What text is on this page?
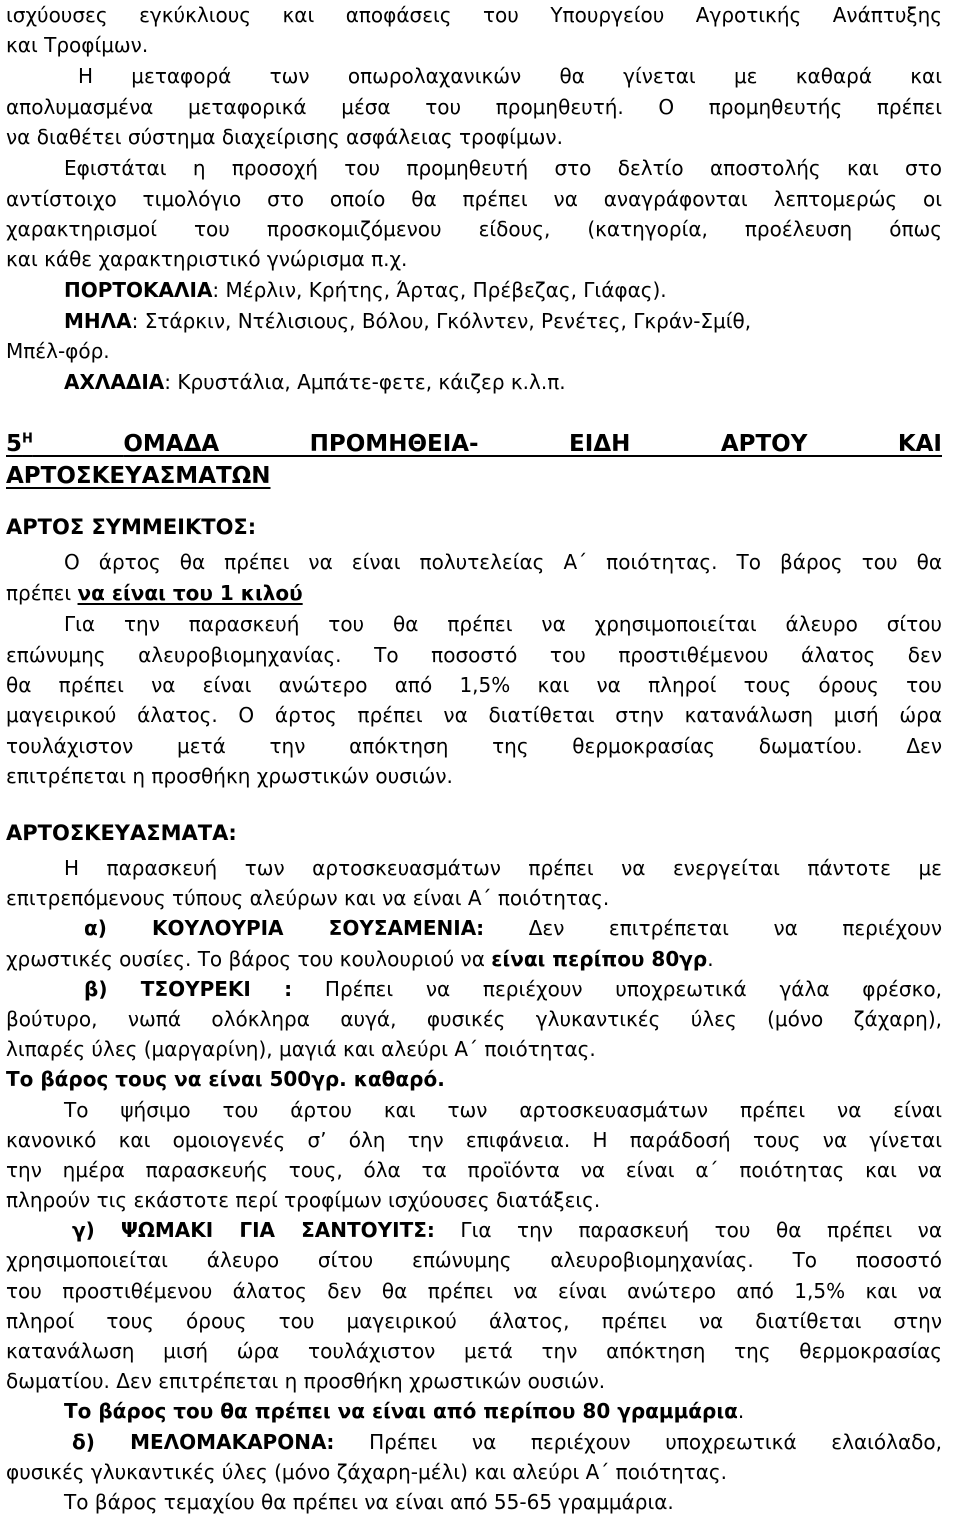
ισχύουσες εγκύκλιους και αποφάσεις του Υπουργείου Αγροτικής Ανάπτυξης
και Τροφίμων.
Η μεταφορά των οπωρολαχανικών θα γίνεται με καθαρά και
απολυμασμένα μεταφορικά μέσα του προμηθευτή. Ο προμηθευτής πρέπει
να διαθέτει σύστημα διαχείρισης ασφάλειας τροφίμων.
Εφιστάται η προσοχή του προμηθευτή στο δελτίο αποστολής και στο
αντίστοιχο τιμολόγιο στο οποίο θα πρέπει να αναγράφονται λεπτομερώς οι
χαρακτηρισμοί του προσκομιζόμενου είδους, (κατηγορία, προέλευση όπως
και κάθε χαρακτηριστικό γνώρισμα π.χ.
ΠΟΡΤΟΚΑΛΙΑ: Μέρλιν, Κρήτης, Άρτας, Πρέβεζας, Γιάφας).
ΜΗΛΑ: Στάρκιν, Ντέλισιους, Βόλου, Γκόλντεν, Ρενέτες, Γκράν-Σμίθ,
Μπέλ-φόρ.
ΑΧΛΑΔΙΑ: Κρυστάλια, Αμπάτε-φετε, κάιζερ κ.λ.π.
$5^H$	ΟΜΑΔΑ ΠΡΟΜΗΘΕΙΑ- ΕΙΔΗ ΑΡΤΟΥ ΚΑΙ
ΑΡΤΟΣΚΕΥΑΣΜΑΤΩΝ
ΑΡΤΟΣ ΣΥΜΜΕΙΚΤΟΣ:
Ο άρτος θα πρέπει να είναι πολυτελείας Α΄ ποιότητας. Το βάρος του θα
πρέπει να είναι του 1 κιλού
Για την παρασκευή του θα πρέπει να χρησιμοποιείται άλευρο σίτου
επώνυμης αλευροβιομηχανίας. Το ποσοστό του προστιθέμενου άλατος δεν
θα πρέπει να είναι ανώτερο από 1,5% και να πληροί τους όρους του
μαγειρικού άλατος. Ο άρτος πρέπει να διατίθεται στην κατανάλωση μισή ώρα
τουλάχιστον μετά την απόκτηση της θερμοκρασίας δωματίου. Δεν
επιτρέπεται η προσθήκη χρωστικών ουσιών.
ΑΡΤΟΣΚΕΥΑΣΜΑΤΑ:
Η παρασκευή των αρτοσκευασμάτων πρέπει να ενεργείται πάντοτε με
επιτρεπόμενους τύπους αλεύρων και να είναι Α΄ ποιότητας.
α) ΚΟΥΛΟΥΡΙΑ ΣΟΥΣΑΜΕΝΙΑ: Δεν επιτρέπεται να περιέχουν
χρωστικές ουσίες. Το βάρος του κουλουριού να είναι περίπου 80γρ.
β) ΤΣΟΥΡΕΚΙ : Πρέπει να περιέχουν υποχρεωτικά γάλα φρέσκο,
βούτυρο, νωπά ολόκληρα αυγά, φυσικές γλυκαντικές ύλες (μόνο ζάχαρη),
λιπαρές ύλες (μαργαρίνη), μαγιά και αλεύρι Α΄ ποιότητας.
Το βάρος τους να είναι 500γρ. καθαρό.
Το ψήσιμο του άρτου και των αρτοσκευασμάτων πρέπει να είναι
κανονικό και ομοιογενές σ’ όλη την επιφάνεια. Η παράδοσή τους να γίνεται
την ημέρα παρασκευής τους, όλα τα προϊόντα να είναι α΄ ποιότητας και να
πληρούν τις εκάστοτε περί τροφίμων ισχύουσες διατάξεις.
γ) ΨΩΜΑΚΙ ΓΙΑ ΣΑΝΤΟΥΙΤΣ: Για την παρασκευή του θα πρέπει να
χρησιμοποιείται άλευρο σίτου επώνυμης αλευροβιομηχανίας. Το ποσοστό
του προστιθέμενου άλατος δεν θα πρέπει να είναι ανώτερο από 1,5% και να
πληροί τους όρους του μαγειρικού άλατος, πρέπει να διατίθεται στην
κατανάλωση μισή ώρα τουλάχιστον μετά την απόκτηση της θερμοκρασίας
δωματίου. Δεν επιτρέπεται η προσθήκη χρωστικών ουσιών.
Το βάρος του θα πρέπει να είναι από περίπου 80 γραμμάρια.
δ) ΜΕΛΟΜΑΚΑΡΟΝΑ: Πρέπει να περιέχουν υποχρεωτικά ελαιόλαδο,
φυσικές γλυκαντικές ύλες (μόνο ζάχαρη-μέλι) και αλεύρι Α΄ ποιότητας.
Το βάρος τεμαχίου θα πρέπει να είναι από 55-65 γραμμάρια.
